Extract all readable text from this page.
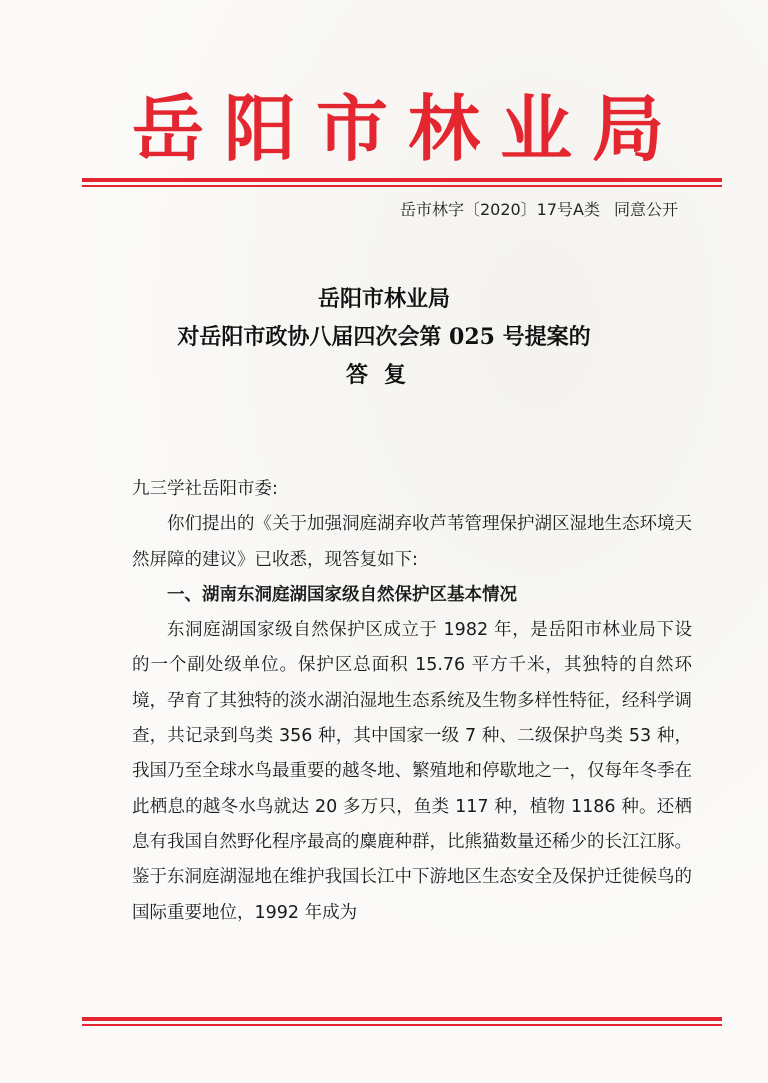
岳阳市林业局
岳市林字〔2020〕17号A类 同意公开
岳阳市林业局
对岳阳市政协八届四次会第 025 号提案的
答复

九三学社岳阳市委:

你们提出的《关于加强洞庭湖弃收芦苇管理保护湖区湿地生态环境天然屏障的建议》已收悉，现答复如下:

一、湖南东洞庭湖国家级自然保护区基本情况

东洞庭湖国家级自然保护区成立于 1982 年，是岳阳市林业局下设的一个副处级单位。保护区总面积 15.76 平方千米，其独特的自然环境，孕育了其独特的淡水湖泊湿地生态系统及生物多样性特征，经科学调查，共记录到鸟类 356 种，其中国家一级 7 种、二级保护鸟类 53 种，我国乃至全球水鸟最重要的越冬地、繁殖地和停歇地之一，仅每年冬季在此栖息的越冬水鸟就达 20 多万只，鱼类 117 种，植物 1186 种。还栖息有我国自然野化程序最高的麋鹿种群，比熊猫数量还稀少的长江江豚。鉴于东洞庭湖湿地在维护我国长江中下游地区生态安全及保护迁徙候鸟的国际重要地位，1992 年成为
